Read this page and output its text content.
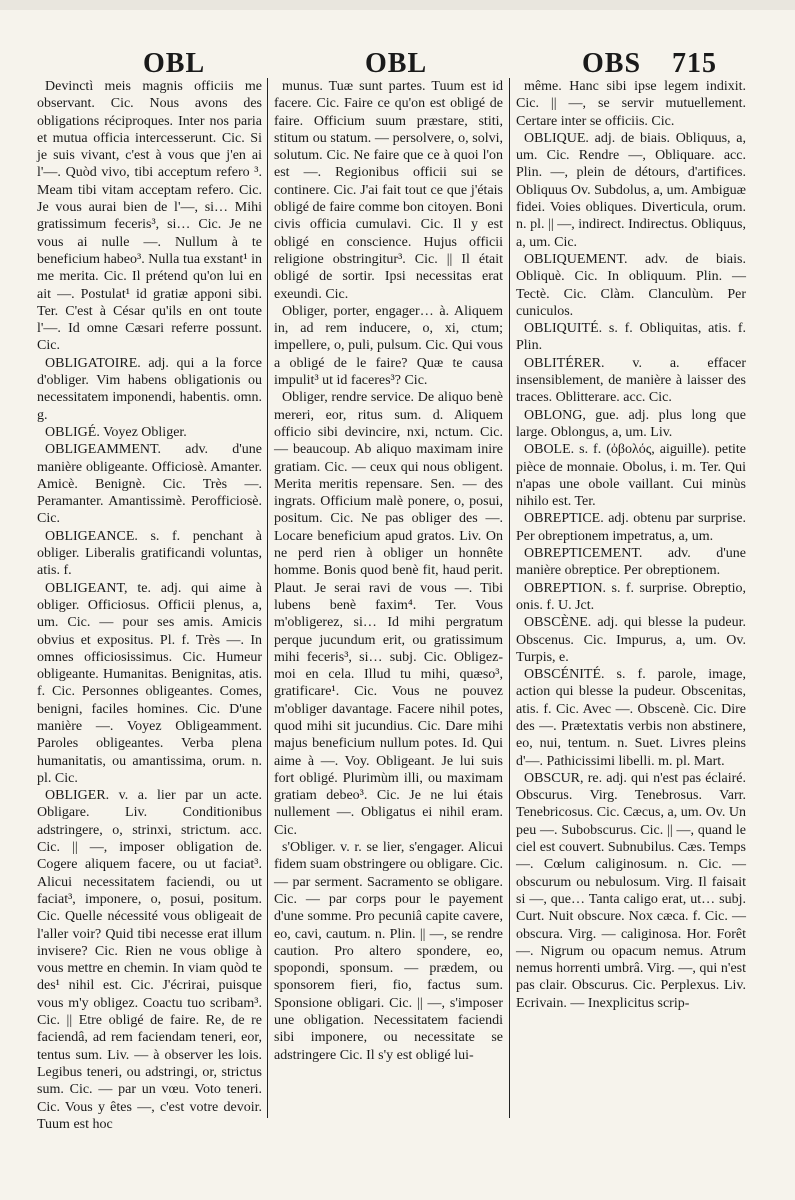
OBL	OBL	OBS 715

Devinctì meis magnis officiis me observant. Cic. Nous avons des obligations réciproques. Inter nos paria et mutua officia intercesserunt. Cic. Si je suis vivant, c'est à vous que j'en ai l'—. Quòd vivo, tibi acceptum refero ³. Meam tibi vitam acceptam refero. Cic. Je vous aurai bien de l'—, si… Mihi gratissimum feceris³, si… Cic. Je ne vous ai nulle —. Nullum à te beneficium habeo³. Nulla tua exstant¹ in me merita. Cic. Il prétend qu'on lui en ait —. Postulat¹ id gratiæ apponi sibi. Ter. C'est à César qu'ils en ont toute l'—. Id omne Cæsari referre possunt. Cic.

OBLIGATOIRE. adj. qui a la force d'obliger. Vim habens obligationis ou necessitatem imponendi, habentis. omn. g.

OBLIGÉ. Voyez Obliger.

OBLIGEAMMENT. adv. d'une manière obligeante. Officiosè. Amanter. Amicè. Benignè. Cic. Très —. Peramanter. Amantissimè. Perofficiosè. Cic.

OBLIGEANCE. s. f. penchant à obliger. Liberalis gratificandi voluntas, atis. f.

OBLIGEANT, te. adj. qui aime à obliger. Officiosus. Officii plenus, a, um. Cic. — pour ses amis. Amicis obvius et expositus. Pl. f. Très —. In omnes officiosissimus. Cic. Humeur obligeante. Humanitas. Benignitas, atis. f. Cic. Personnes obligeantes. Comes, benigni, faciles homines. Cic. D'une manière —. Voyez Obligeamment. Paroles obligeantes. Verba plena humanitatis, ou amantissima, orum. n. pl. Cic.

OBLIGER. v. a. lier par un acte. Obligare. Liv. Conditionibus adstringere, o, strinxi, strictum. acc. Cic. || —, imposer obligation de. Cogere aliquem facere, ou ut faciat³. Alicui necessitatem faciendi, ou ut faciat³, imponere, o, posui, positum. Cic. Quelle nécessité vous obligeait de l'aller voir? Quid tibi necesse erat illum invisere? Cic. Rien ne vous oblige à vous mettre en chemin. In viam quòd te des¹ nihil est. Cic. J'écrirai, puisque vous m'y obligez. Coactu tuo scribam³. Cic. || Etre obligé de faire. Re, de re faciendâ, ad rem faciendam teneri, eor, tentus sum. Liv. — à observer les lois. Legibus teneri, ou adstringi, or, strictus sum. Cic. — par un vœu. Voto teneri. Cic. Vous y êtes —, c'est votre devoir. Tuum est hoc

munus. Tuæ sunt partes. Tuum est id facere. Cic. Faire ce qu'on est obligé de faire. Officium suum præstare, stiti, stitum ou statum. — persolvere, o, solvi, solutum. Cic. Ne faire que ce à quoi l'on est —. Regionibus officii sui se continere. Cic. J'ai fait tout ce que j'étais obligé de faire comme bon citoyen. Boni civis officia cumulavi. Cic. Il y est obligé en conscience. Hujus officii religione obstringitur³. Cic. || Il était obligé de sortir. Ipsi necessitas erat exeundi. Cic.

Obliger, porter, engager… à. Aliquem in, ad rem inducere, o, xi, ctum; impellere, o, puli, pulsum. Cic. Qui vous a obligé de le faire? Quæ te causa impulit³ ut id faceres³? Cic.

Obliger, rendre service. De aliquo benè mereri, eor, ritus sum. d. Aliquem officio sibi devincire, nxi, nctum. Cic. — beaucoup. Ab aliquo maximam inire gratiam. Cic. — ceux qui nous obligent. Merita meritis repensare. Sen. — des ingrats. Officium malè ponere, o, posui, positum. Cic. Ne pas obliger des —. Locare beneficium apud gratos. Liv. On ne perd rien à obliger un honnête homme. Bonis quod benè fit, haud perit. Plaut. Je serai ravi de vous —. Tibi lubens benè faxim⁴. Ter. Vous m'obligerez, si… Id mihi pergratum perque jucundum erit, ou gratissimum mihi feceris³, si… subj. Cic. Obligez-moi en cela. Illud tu mihi, quæso³, gratificare¹. Cic. Vous ne pouvez m'obliger davantage. Facere nihil potes, quod mihi sit jucundius. Cic. Dare mihi majus beneficium nullum potes. Id. Qui aime à —. Voy. Obligeant. Je lui suis fort obligé. Plurimùm illi, ou maximam gratiam debeo³. Cic. Je ne lui étais nullement —. Obligatus ei nihil eram. Cic.

s'Obliger. v. r. se lier, s'engager. Alicui fidem suam obstringere ou obligare. Cic. — par serment. Sacramento se obligare. Cic. — par corps pour le payement d'une somme. Pro pecuniâ capite cavere, eo, cavi, cautum. n. Plin. || —, se rendre caution. Pro altero spondere, eo, spopondi, sponsum. — prædem, ou sponsorem fieri, fio, factus sum. Sponsione obligari. Cic. || —, s'imposer une obligation. Necessitatem faciendi sibi imponere, ou necessitate se adstringere Cic. Il s'y est obligé lui-

même. Hanc sibi ipse legem indixit. Cic. || —, se servir mutuellement. Certare inter se officiis. Cic.

OBLIQUE. adj. de biais. Obliquus, a, um. Cic. Rendre —, Obliquare. acc. Plin. —, plein de détours, d'artifices. Obliquus Ov. Subdolus, a, um. Ambiguæ fidei. Voies obliques. Diverticula, orum. n. pl. || —, indirect. Indirectus. Obliquus, a, um. Cic.

OBLIQUEMENT. adv. de biais. Obliquè. Cic. In obliquum. Plin. — Tectè. Cic. Clàm. Clanculùm. Per cuniculos.

OBLIQUITÉ. s. f. Obliquitas, atis. f. Plin.

OBLITÉRER. v. a. effacer insensiblement, de manière à laisser des traces. Oblitterare. acc. Cic.

OBLONG, gue. adj. plus long que large. Oblongus, a, um. Liv.

OBOLE. s. f. (ὀβολός, aiguille). petite pièce de monnaie. Obolus, i. m. Ter. Qui n'apas une obole vaillant. Cui minùs nihilo est. Ter.

OBREPTICE. adj. obtenu par surprise. Per obreptionem impetratus, a, um.

OBREPTICEMENT. adv. d'une manière obreptice. Per obreptionem.

OBREPTION. s. f. surprise. Obreptio, onis. f. U. Jct.

OBSCÈNE. adj. qui blesse la pudeur. Obscenus. Cic. Impurus, a, um. Ov. Turpis, e.

OBSCÉNITÉ. s. f. parole, image, action qui blesse la pudeur. Obscenitas, atis. f. Cic. Avec —. Obscenè. Cic. Dire des —. Prætextatis verbis non abstinere, eo, nui, tentum. n. Suet. Livres pleins d'—. Pathicissimi libelli. m. pl. Mart.

OBSCUR, re. adj. qui n'est pas éclairé. Obscurus. Virg. Tenebrosus. Varr. Tenebricosus. Cic. Cæcus, a, um. Ov. Un peu —. Subobscurus. Cic. || —, quand le ciel est couvert. Subnubilus. Cæs. Temps —. Cœlum caliginosum. n. Cic. — obscurum ou nebulosum. Virg. Il faisait si —, que… Tanta caligo erat, ut… subj. Curt. Nuit obscure. Nox cæca. f. Cic. — obscura. Virg. — caliginosa. Hor. Forêt —. Nigrum ou opacum nemus. Atrum nemus horrenti umbrâ. Virg. —, qui n'est pas clair. Obscurus. Cic. Perplexus. Liv. Ecrivain. — Inexplicitus scrip-
